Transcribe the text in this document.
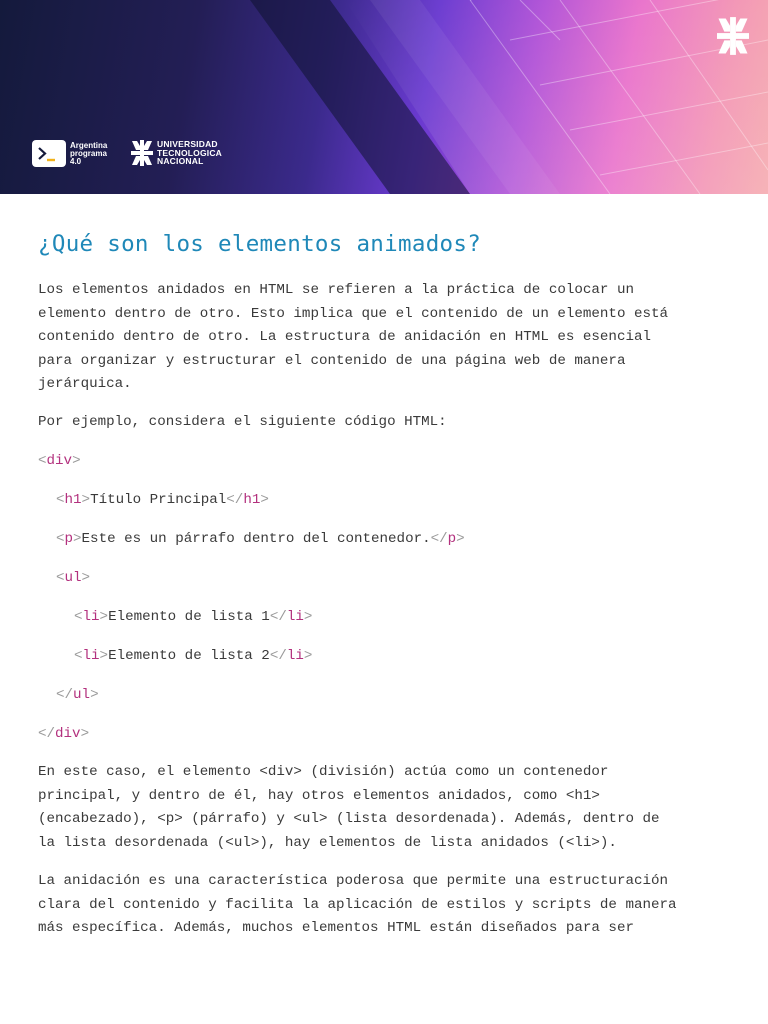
Argentina
programa
4.0
UNIVERSIDAD
TECNOLOGICA
NACIONAL
¿Qué son los elementos animados?

Los elementos anidados en HTML se refieren a la práctica de colocar un

elemento dentro de otro. Esto implica que el contenido de un elemento está

contenido dentro de otro. La estructura de anidación en HTML es esencial

para organizar y estructurar el contenido de una página web de manera

jerárquica.

Por ejemplo, considera el siguiente código HTML:

<div>
<h1>Título Principal</h1>
<p>Este es un párrafo dentro del contenedor.</p>
<ul>
<li>Elemento de lista 1</li>
<li>Elemento de lista 2</li>
</ul>
</div>

En este caso, el elemento <div> (división) actúa como un contenedor

principal, y dentro de él, hay otros elementos anidados, como <h1>

(encabezado), <p> (párrafo) y <ul> (lista desordenada). Además, dentro de

la lista desordenada (<ul>), hay elementos de lista anidados (<li>).

La anidación es una característica poderosa que permite una estructuración

clara del contenido y facilita la aplicación de estilos y scripts de manera

más específica. Además, muchos elementos HTML están diseñados para ser
